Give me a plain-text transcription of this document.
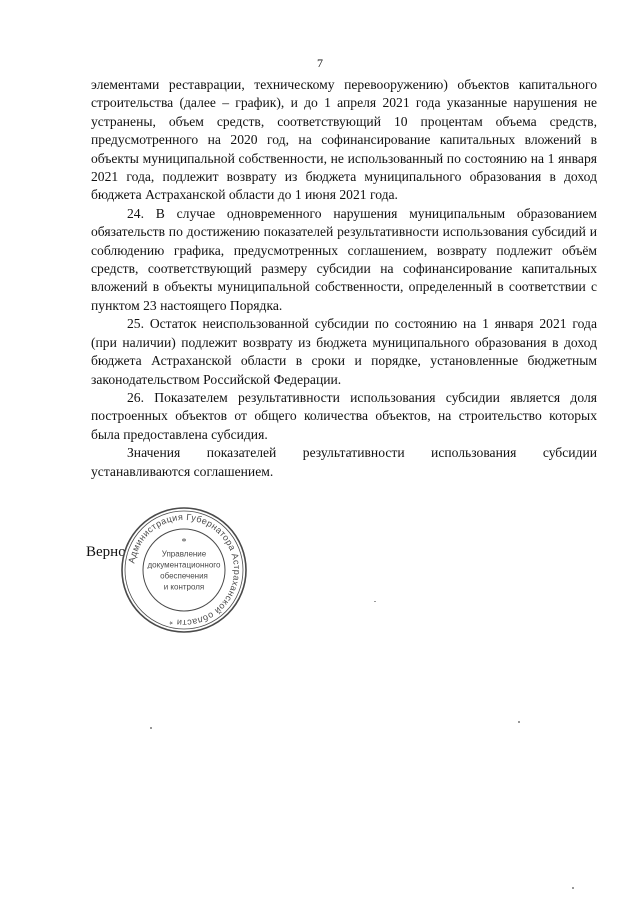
7

элементами реставрации, техническому перевооружению) объектов капитального строительства (далее – график), и до 1 апреля 2021 года указанные нарушения не устранены, объем средств, соответствующий 10 процентам объема средств, предусмотренного на 2020 год, на софинансирование капитальных вложений в объекты муниципальной собственности, не использованный по состоянию на 1 января 2021 года, подлежит возврату из бюджета муниципального образования в доход бюджета Астраханской области до 1 июня 2021 года.

24. В случае одновременного нарушения муниципальным образованием обязательств по достижению показателей результативности использования субсидий и соблюдению графика, предусмотренных соглашением, возврату подлежит объём средств, соответствующий размеру субсидии на софинансирование капитальных вложений в объекты муниципальной собственности, определенный в соответствии с пунктом 23 настоящего Порядка.

25. Остаток неиспользованной субсидии по состоянию на 1 января 2021 года (при наличии) подлежит возврату из бюджета муниципального образования в доход бюджета Астраханской области в сроки и порядке, установленные бюджетным законодательством Российской Федерации.

26. Показателем результативности использования субсидии является доля построенных объектов от общего количества объектов, на строительство которых была предоставлена субсидия.

Значения показателей результативности использования субсидии устанавливаются соглашением.

Верно
Администрация Губернатора Астраханской области *
*
Управление документационного обеспечения и контроля
